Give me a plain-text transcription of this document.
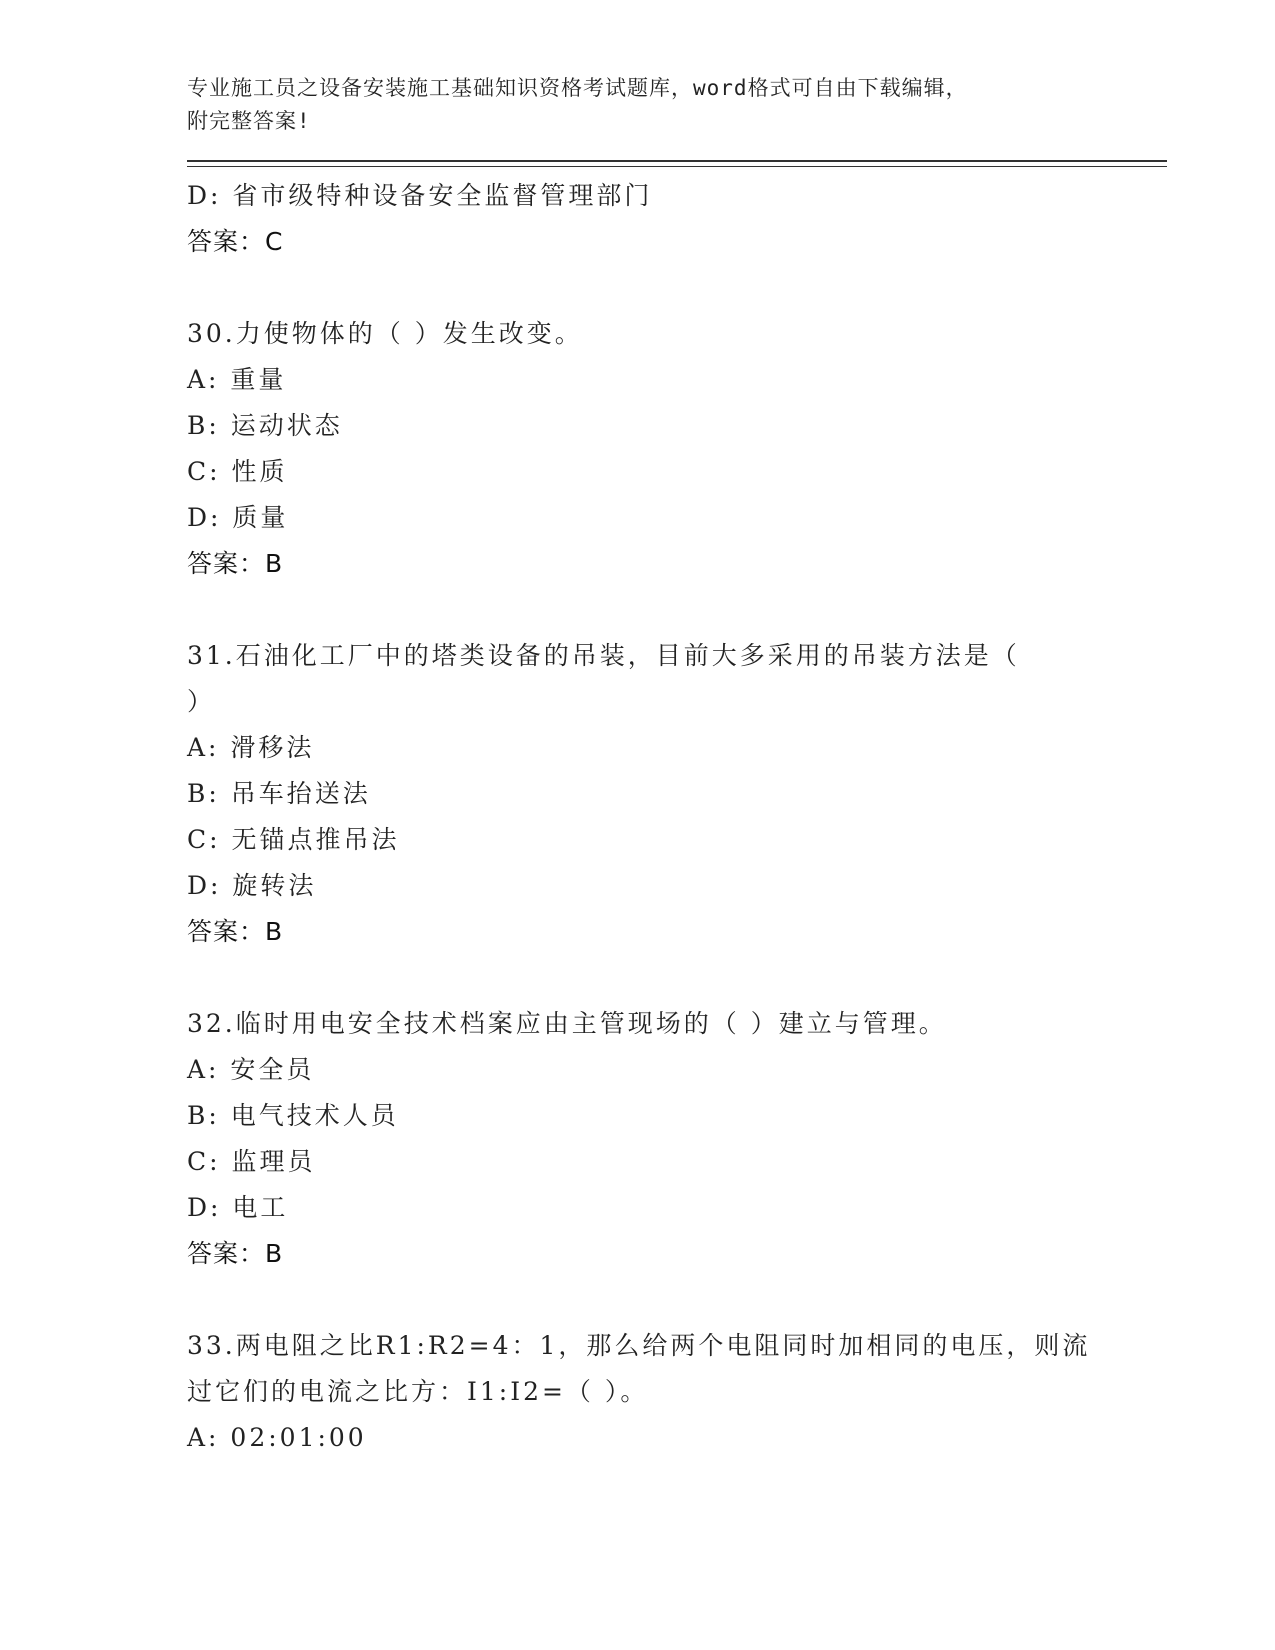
专业施工员之设备安装施工基础知识资格考试题库，word格式可自由下载编辑，
附完整答案!
D: 省市级特种设备安全监督管理部门
答案：C
30.力使物体的（ ）发生改变。
A: 重量
B: 运动状态
C: 性质
D: 质量
答案：B
31.石油化工厂中的塔类设备的吊装，目前大多采用的吊装方法是（
）
A: 滑移法
B: 吊车抬送法
C: 无锚点推吊法
D: 旋转法
答案：B
32.临时用电安全技术档案应由主管现场的（ ）建立与管理。
A: 安全员
B: 电气技术人员
C: 监理员
D: 电工
答案：B
33.两电阻之比R1:R2=4：1，那么给两个电阻同时加相同的电压，则流
过它们的电流之比方：I1:I2=（ ）。
A: 02:01:00
